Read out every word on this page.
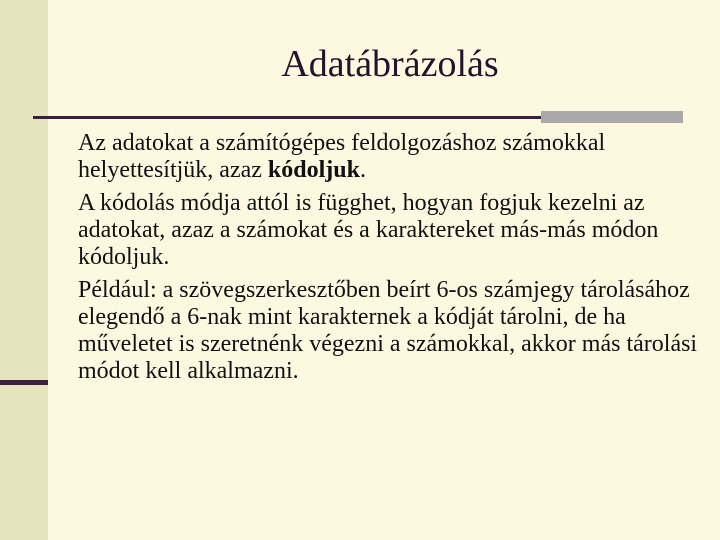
Adatábrázolás

Az adatokat a számítógépes feldolgozáshoz számokkal helyettesítjük, azaz kódoljuk.

A kódolás módja attól is függhet, hogyan fogjuk kezelni az adatokat, azaz a számokat és a karaktereket más-más módon kódoljuk.

Például: a szövegszerkesztőben beírt 6-os számjegy tárolásához elegendő a 6-nak mint karakternek a kódját tárolni, de ha műveletet is szeretnénk végezni a számokkal, akkor más tárolási módot kell alkalmazni.
